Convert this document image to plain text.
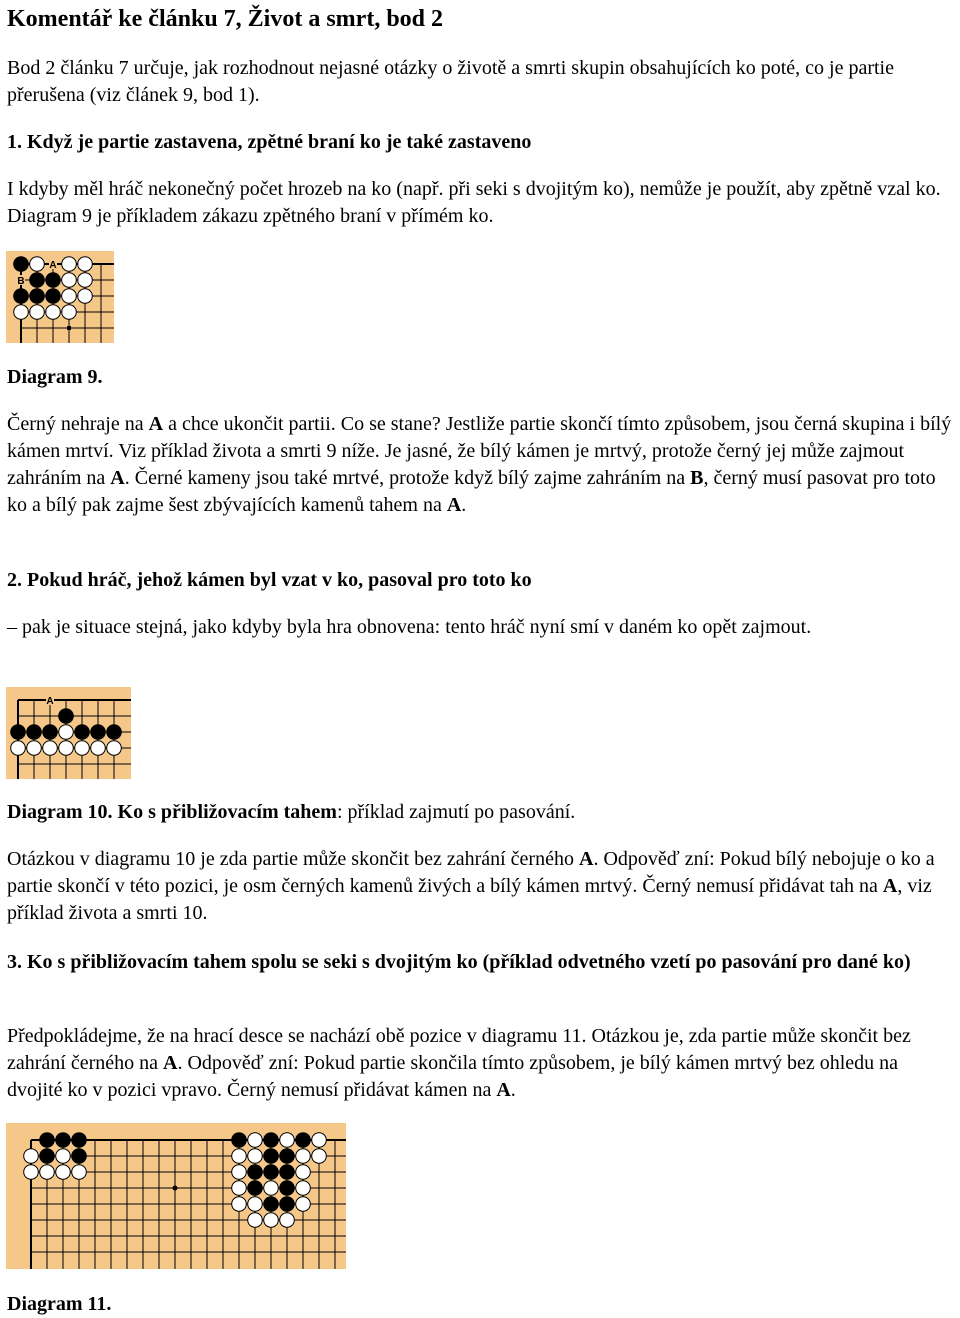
Komentář ke článku 7, Život a smrt, bod 2

Bod 2 článku 7 určuje, jak rozhodnout nejasné otázky o životě a smrti skupin obsahujících ko poté, co je partie přerušena (viz článek 9, bod 1).

1. Když je partie zastavena, zpětné braní ko je také zastaveno

I kdyby měl hráč nekonečný počet hrozeb na ko (např. při seki s dvojitým ko), nemůže je použít, aby zpětně vzal ko. Diagram 9 je příkladem zákazu zpětného braní v přímém ko.

A
B

Diagram 9.

Černý nehraje na A a chce ukončit partii. Co se stane? Jestliže partie skončí tímto způsobem, jsou černá skupina i bílý kámen mrtví. Viz příklad života a smrti 9 níže. Je jasné, že bílý kámen je mrtvý, protože černý jej může zajmout zahráním na A. Černé kameny jsou také mrtvé, protože když bílý zajme zahráním na B, černý musí pasovat pro toto ko a bílý pak zajme šest zbývajících kamenů tahem na A.

2. Pokud hráč, jehož kámen byl vzat v ko, pasoval pro toto ko

– pak je situace stejná, jako kdyby byla hra obnovena: tento hráč nyní smí v daném ko opět zajmout.

A

Diagram 10. Ko s přibližovacím tahem: příklad zajmutí po pasování.

Otázkou v diagramu 10 je zda partie může skončit bez zahrání černého A. Odpověď zní: Pokud bílý nebojuje o ko a partie skončí v této pozici, je osm černých kamenů živých a bílý kámen mrtvý. Černý nemusí přidávat tah na A, viz příklad života a smrti 10.

3. Ko s přibližovacím tahem spolu se seki s dvojitým ko (příklad odvetného vzetí po pasování pro dané ko)

Předpokládejme, že na hrací desce se nachází obě pozice v diagramu 11. Otázkou je, zda partie může skončit bez zahrání černého na A. Odpověď zní: Pokud partie skončila tímto způsobem, je bílý kámen mrtvý bez ohledu na dvojité ko v pozici vpravo. Černý nemusí přidávat kámen na A.

Diagram 11.
